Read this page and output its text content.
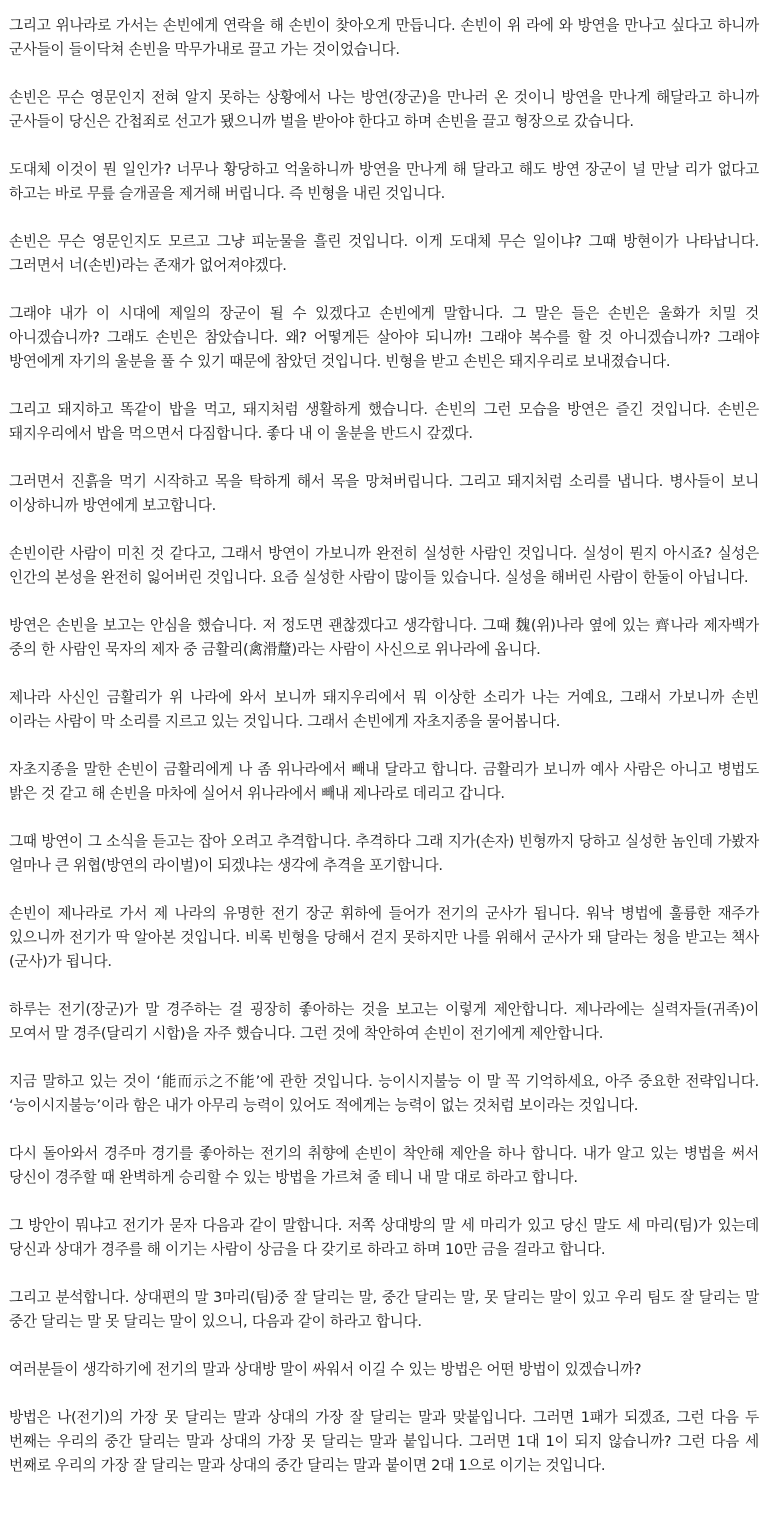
그리고 위나라로 가서는 손빈에게 연락을 해 손빈이 찾아오게 만듭니다. 손빈이 위 라에 와 방연을 만나고 싶다고 하니까 군사들이 들이닥쳐 손빈을 막무가내로 끌고 가는 것이었습니다.

손빈은 무슨 영문인지 전혀 알지 못하는 상황에서 나는 방연(장군)을 만나러 온 것이니 방연을 만나게 해달라고 하니까 군사들이 당신은 간첩죄로 선고가 됐으니까 벌을 받아야 한다고 하며 손빈을 끌고 형장으로 갔습니다.

도대체 이것이 뭔 일인가? 너무나 황당하고 억울하니까 방연을 만나게 해 달라고 해도 방연 장군이 널 만날 리가 없다고 하고는 바로 무릎 슬개골을 제거해 버립니다. 즉 빈형을 내린 것입니다.

손빈은 무슨 영문인지도 모르고 그냥 피눈물을 흘린 것입니다. 이게 도대체 무슨 일이냐? 그때 방현이가 나타납니다. 그러면서 너(손빈)라는 존재가 없어져야겠다.

그래야 내가 이 시대에 제일의 장군이 될 수 있겠다고 손빈에게 말합니다. 그 말은 들은 손빈은 울화가 치밀 것 아니겠습니까? 그래도 손빈은 참았습니다. 왜? 어떻게든 살아야 되니까! 그래야 복수를 할 것 아니겠습니까? 그래야 방연에게 자기의 울분을 풀 수 있기 때문에 참았던 것입니다. 빈형을 받고 손빈은 돼지우리로 보내졌습니다.

그리고 돼지하고 똑같이 밥을 먹고, 돼지처럼 생활하게 했습니다. 손빈의 그런 모습을 방연은 즐긴 것입니다. 손빈은 돼지우리에서 밥을 먹으면서 다짐합니다. 좋다 내 이 울분을 반드시 갚겠다.

그러면서 진흙을 먹기 시작하고 목을 탁하게 해서 목을 망쳐버립니다. 그리고 돼지처럼 소리를 냅니다. 병사들이 보니 이상하니까 방연에게 보고합니다.

손빈이란 사람이 미친 것 같다고, 그래서 방연이 가보니까 완전히 실성한 사람인 것입니다. 실성이 뭔지 아시죠? 실성은 인간의 본성을 완전히 잃어버린 것입니다. 요즘 실성한 사람이 많이들 있습니다. 실성을 해버린 사람이 한둘이 아닙니다.

방연은 손빈을 보고는 안심을 했습니다. 저 정도면 괜찮겠다고 생각합니다. 그때 魏(위)나라 옆에 있는 齊나라 제자백가 중의 한 사람인 묵자의 제자 중 금활리(禽滑釐)라는 사람이 사신으로 위나라에 옵니다.

제나라 사신인 금활리가 위 나라에 와서 보니까 돼지우리에서 뭐 이상한 소리가 나는 거예요, 그래서 가보니까 손빈 이라는 사람이 막 소리를 지르고 있는 것입니다. 그래서 손빈에게 자초지종을 물어봅니다.

자초지종을 말한 손빈이 금활리에게 나 좀 위나라에서 빼내 달라고 합니다. 금활리가 보니까 예사 사람은 아니고 병법도 밝은 것 같고 해 손빈을 마차에 실어서 위나라에서 빼내 제나라로 데리고 갑니다.

그때 방연이 그 소식을 듣고는 잡아 오려고 추격합니다. 추격하다 그래 지가(손자) 빈형까지 당하고 실성한 놈인데 가봤자 얼마나 큰 위협(방연의 라이벌)이 되겠냐는 생각에 추격을 포기합니다.

손빈이 제나라로 가서 제 나라의 유명한 전기 장군 휘하에 들어가 전기의 군사가 됩니다. 워낙 병법에 훌륭한 재주가 있으니까 전기가 딱 알아본 것입니다. 비록 빈형을 당해서 걷지 못하지만 나를 위해서 군사가 돼 달라는 청을 받고는 책사(군사)가 됩니다.

하루는 전기(장군)가 말 경주하는 걸 굉장히 좋아하는 것을 보고는 이렇게 제안합니다. 제나라에는 실력자들(귀족)이 모여서 말 경주(달리기 시합)을 자주 했습니다. 그런 것에 착안하여 손빈이 전기에게 제안합니다.

지금 말하고 있는 것이 ‘能而示之不能’에 관한 것입니다. 능이시지불능 이 말 꼭 기억하세요, 아주 중요한 전략입니다. ‘능이시지불능’이라 함은 내가 아무리 능력이 있어도 적에게는 능력이 없는 것처럼 보이라는 것입니다.

다시 돌아와서 경주마 경기를 좋아하는 전기의 취향에 손빈이 착안해 제안을 하나 합니다. 내가 알고 있는 병법을 써서 당신이 경주할 때 완벽하게 승리할 수 있는 방법을 가르쳐 줄 테니 내 말 대로 하라고 합니다.

그 방안이 뭐냐고 전기가 묻자 다음과 같이 말합니다. 저쪽 상대방의 말 세 마리가 있고 당신 말도 세 마리(팀)가 있는데 당신과 상대가 경주를 해 이기는 사람이 상금을 다 갖기로 하라고 하며 10만 금을 걸라고 합니다.

그리고 분석합니다. 상대편의 말 3마리(팀)중 잘 달리는 말, 중간 달리는 말, 못 달리는 말이 있고 우리 팀도 잘 달리는 말 중간 달리는 말 못 달리는 말이 있으니, 다음과 같이 하라고 합니다.

여러분들이 생각하기에 전기의 말과 상대방 말이 싸워서 이길 수 있는 방법은 어떤 방법이 있겠습니까?

방법은 나(전기)의 가장 못 달리는 말과 상대의 가장 잘 달리는 말과 맞붙입니다. 그러면 1패가 되겠죠, 그런 다음 두 번째는 우리의 중간 달리는 말과 상대의 가장 못 달리는 말과 붙입니다. 그러면 1대 1이 되지 않습니까? 그런 다음 세 번째로 우리의 가장 잘 달리는 말과 상대의 중간 달리는 말과 붙이면 2대 1으로 이기는 것입니다.
